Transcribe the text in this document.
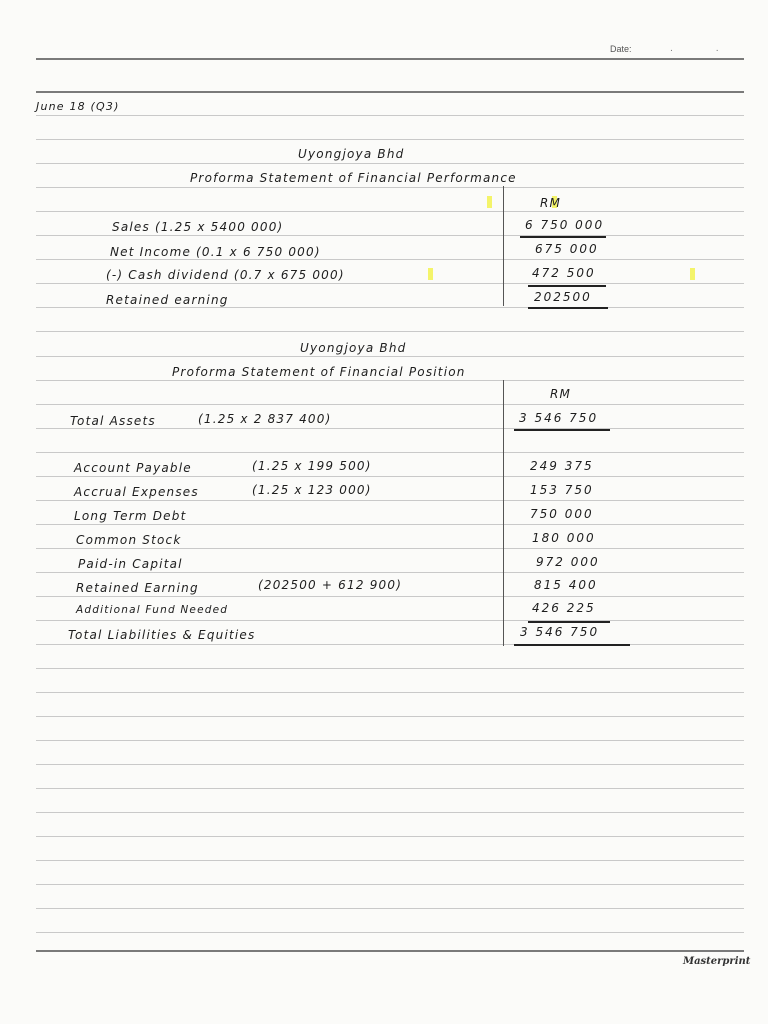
Date:	. .
June 18 (Q3)
Uyongjoya Bhd
Proforma Statement of Financial Performance
RM
Sales (1.25 x 5400 000)	6 750 000
Net Income (0.1 x 6 750 000)	675 000
(-) Cash dividend (0.7 x 675 000)	472 500
Retained earning	202500
Uyongjoya Bhd
Proforma Statement of Financial Position
RM
Total Assets	(1.25 x 2 837 400)	3 546 750
Account Payable	(1.25 x 199 500)	249 375
Accrual Expenses	(1.25 x 123 000)	153 750
Long Term Debt	750 000
Common Stock	180 000
Paid-in Capital	972 000
Retained Earning	(202500 + 612 900)	815 400
Additional Fund Needed	426 225
Total Liabilities & Equities	3 546 750
Masterprint
